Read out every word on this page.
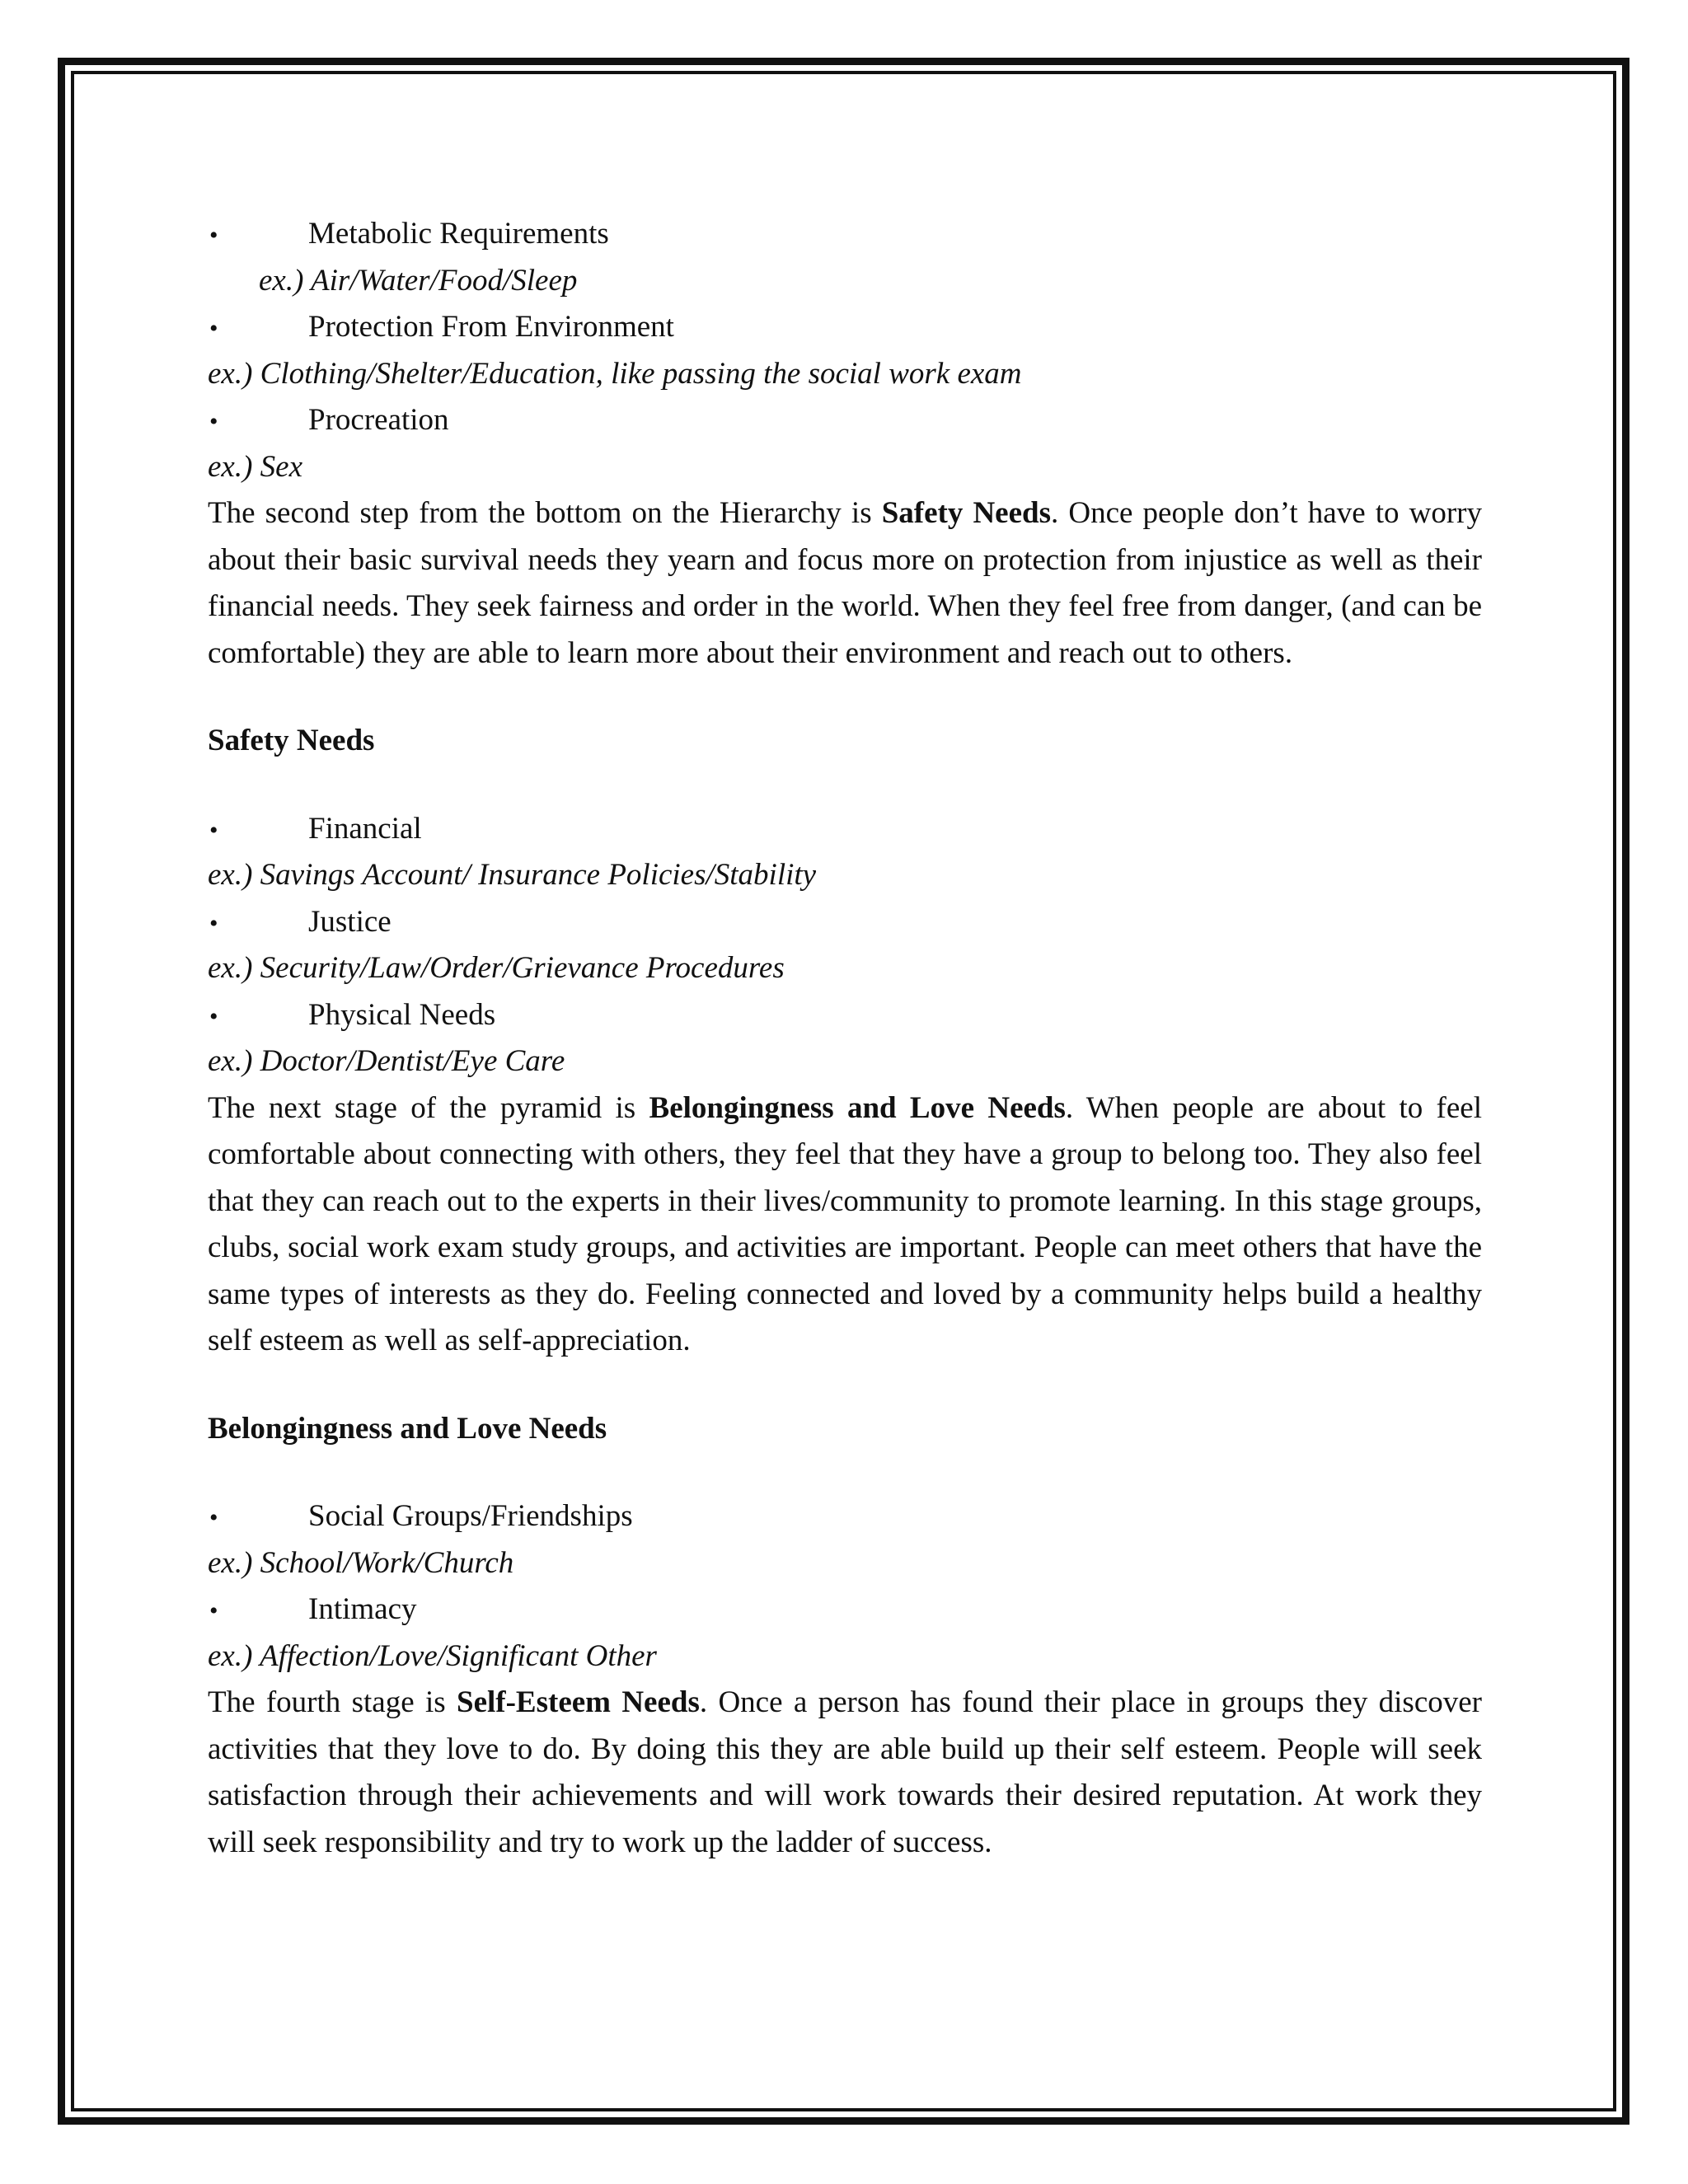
•	Metabolic Requirements
ex.) Air/Water/Food/Sleep
•	Protection From Environment
ex.) Clothing/Shelter/Education, like passing the social work exam
•	Procreation
ex.) Sex

The second step from the bottom on the Hierarchy is Safety Needs. Once people don’t have to worry about their basic survival needs they yearn and focus more on protection from injustice as well as their financial needs. They seek fairness and order in the world. When they feel free from danger, (and can be comfortable) they are able to learn more about their environment and reach out to others.

Safety Needs
•	Financial
ex.) Savings Account/ Insurance Policies/Stability
•	Justice
ex.) Security/Law/Order/Grievance Procedures
•	Physical Needs
ex.) Doctor/Dentist/Eye Care

The next stage of the pyramid is Belongingness and Love Needs. When people are about to feel comfortable about connecting with others, they feel that they have a group to belong too. They also feel that they can reach out to the experts in their lives/community to promote learning. In this stage groups, clubs, social work exam study groups, and activities are important. People can meet others that have the same types of interests as they do. Feeling connected and loved by a community helps build a healthy self esteem as well as self-appreciation.

Belongingness and Love Needs
•	Social Groups/Friendships
ex.) School/Work/Church
•	Intimacy
ex.) Affection/Love/Significant Other

The fourth stage is Self-Esteem Needs. Once a person has found their place in groups they discover activities that they love to do. By doing this they are able build up their self esteem. People will seek satisfaction through their achievements and will work towards their desired reputation. At work they will seek responsibility and try to work up the ladder of success.
